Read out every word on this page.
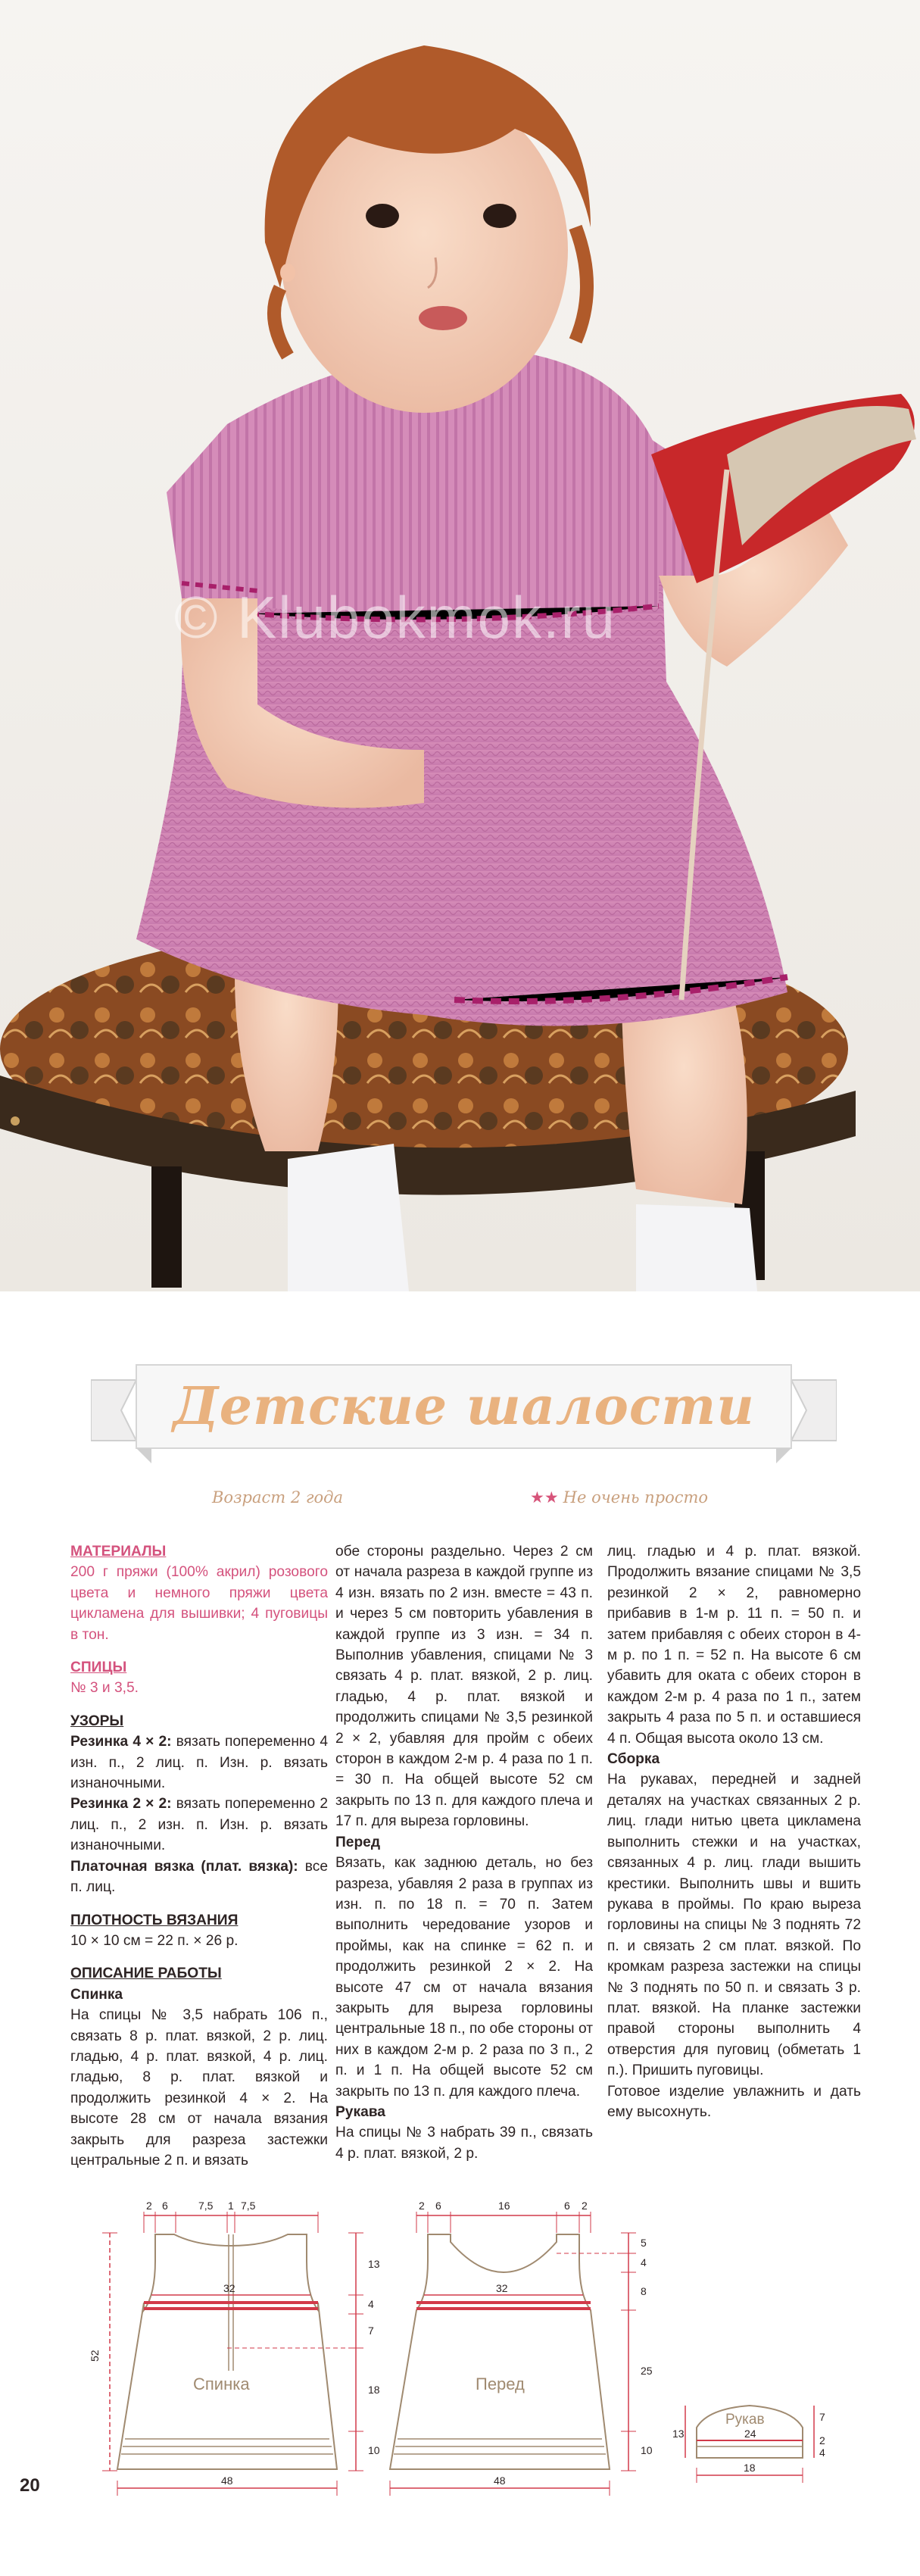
© Klubokmok.ru
Детские шалости
Возраст 2 года	★★ Не очень просто

МАТЕРИАЛЫ

200 г пряжи (100% акрил) розового цвета и немного пряжи цвета цикламена для вышивки; 4 пуговицы в тон.

СПИЦЫ

№ 3 и 3,5.

УЗОРЫ

Резинка 4 × 2: вязать попеременно 4 изн. п., 2 лиц. п. Изн. р. вязать изнаночными.

Резинка 2 × 2: вязать попеременно 2 лиц. п., 2 изн. п. Изн. р. вязать изнаночными.

Платочная вязка (плат. вязка): все п. лиц.

ПЛОТНОСТЬ ВЯЗАНИЯ

10 × 10 см = 22 п. × 26 р.

ОПИСАНИЕ РАБОТЫ

Спинка

На спицы № 3,5 набрать 106 п., связать 8 р. плат. вязкой, 2 р. лиц. гладью, 4 р. плат. вязкой, 4 р. лиц. гладью, 8 р. плат. вязкой и продолжить резинкой 4 × 2. На высоте 28 см от начала вязания закрыть для разреза застежки центральные 2 п. и вязать

обе стороны раздельно. Через 2 см от начала разреза в каждой группе из 4 изн. вязать по 2 изн. вместе = 43 п. и через 5 см повторить убавления в каждой группе из 3 изн. = 34 п. Выполнив убавления, спицами № 3 связать 4 р. плат. вязкой, 2 р. лиц. гладью, 4 р. плат. вязкой и продолжить спицами № 3,5 резинкой 2 × 2, убавляя для пройм с обеих сторон в каждом 2-м р. 4 раза по 1 п. = 30 п. На общей высоте 52 см закрыть по 13 п. для каждого плеча и 17 п. для выреза горловины.

Перед

Вязать, как заднюю деталь, но без разреза, убавляя 2 раза в группах из изн. п. по 18 п. = 70 п. Затем выполнить чередование узоров и проймы, как на спинке = 62 п. и продолжить резинкой 2 × 2. На высоте 47 см от начала вязания закрыть для выреза горловины центральные 18 п., по обе стороны от них в каждом 2-м р. 2 раза по 3 п., 2 п. и 1 п. На общей высоте 52 см закрыть по 13 п. для каждого плеча.

Рукава

На спицы № 3 набрать 39 п., связать 4 р. плат. вязкой, 2 р.

лиц. гладью и 4 р. плат. вязкой. Продолжить вязание спицами № 3,5 резинкой 2 × 2, равномерно прибавив в 1-м р. 11 п. = 50 п. и затем прибавляя с обеих сторон в 4-м р. по 1 п. = 52 п. На высоте 6 см убавить для оката с обеих сторон в каждом 2-м р. 4 раза по 1 п., затем закрыть 4 раза по 5 п. и оставшиеся 4 п. Общая высота около 13 см.

Сборка

На рукавах, передней и задней деталях на участках связанных 2 р. лиц. глади нитью цвета цикламена выполнить стежки и на участках, связанных 4 р. лиц. глади вышить крестики. Выполнить швы и вшить рукава в проймы. По краю выреза горловины на спицы № 3 поднять 72 п. и связать 2 см плат. вязкой. По кромкам разреза застежки на спицы № 3 поднять по 50 п. и связать 3 р. плат. вязкой. На планке застежки правой стороны выполнить 4 отверстия для пуговиц (обметать 1 п.). Пришить пуговицы.

Готовое изделие увлажнить и дать ему высохнуть.

Спинка
2 6	7,5 1 7,5
32
48
52
13
4
7
18
10
Перед
2 6	16	6 2
32
48
5
4
8
25
10
Рукав
24
18
13
7
2
4
20
